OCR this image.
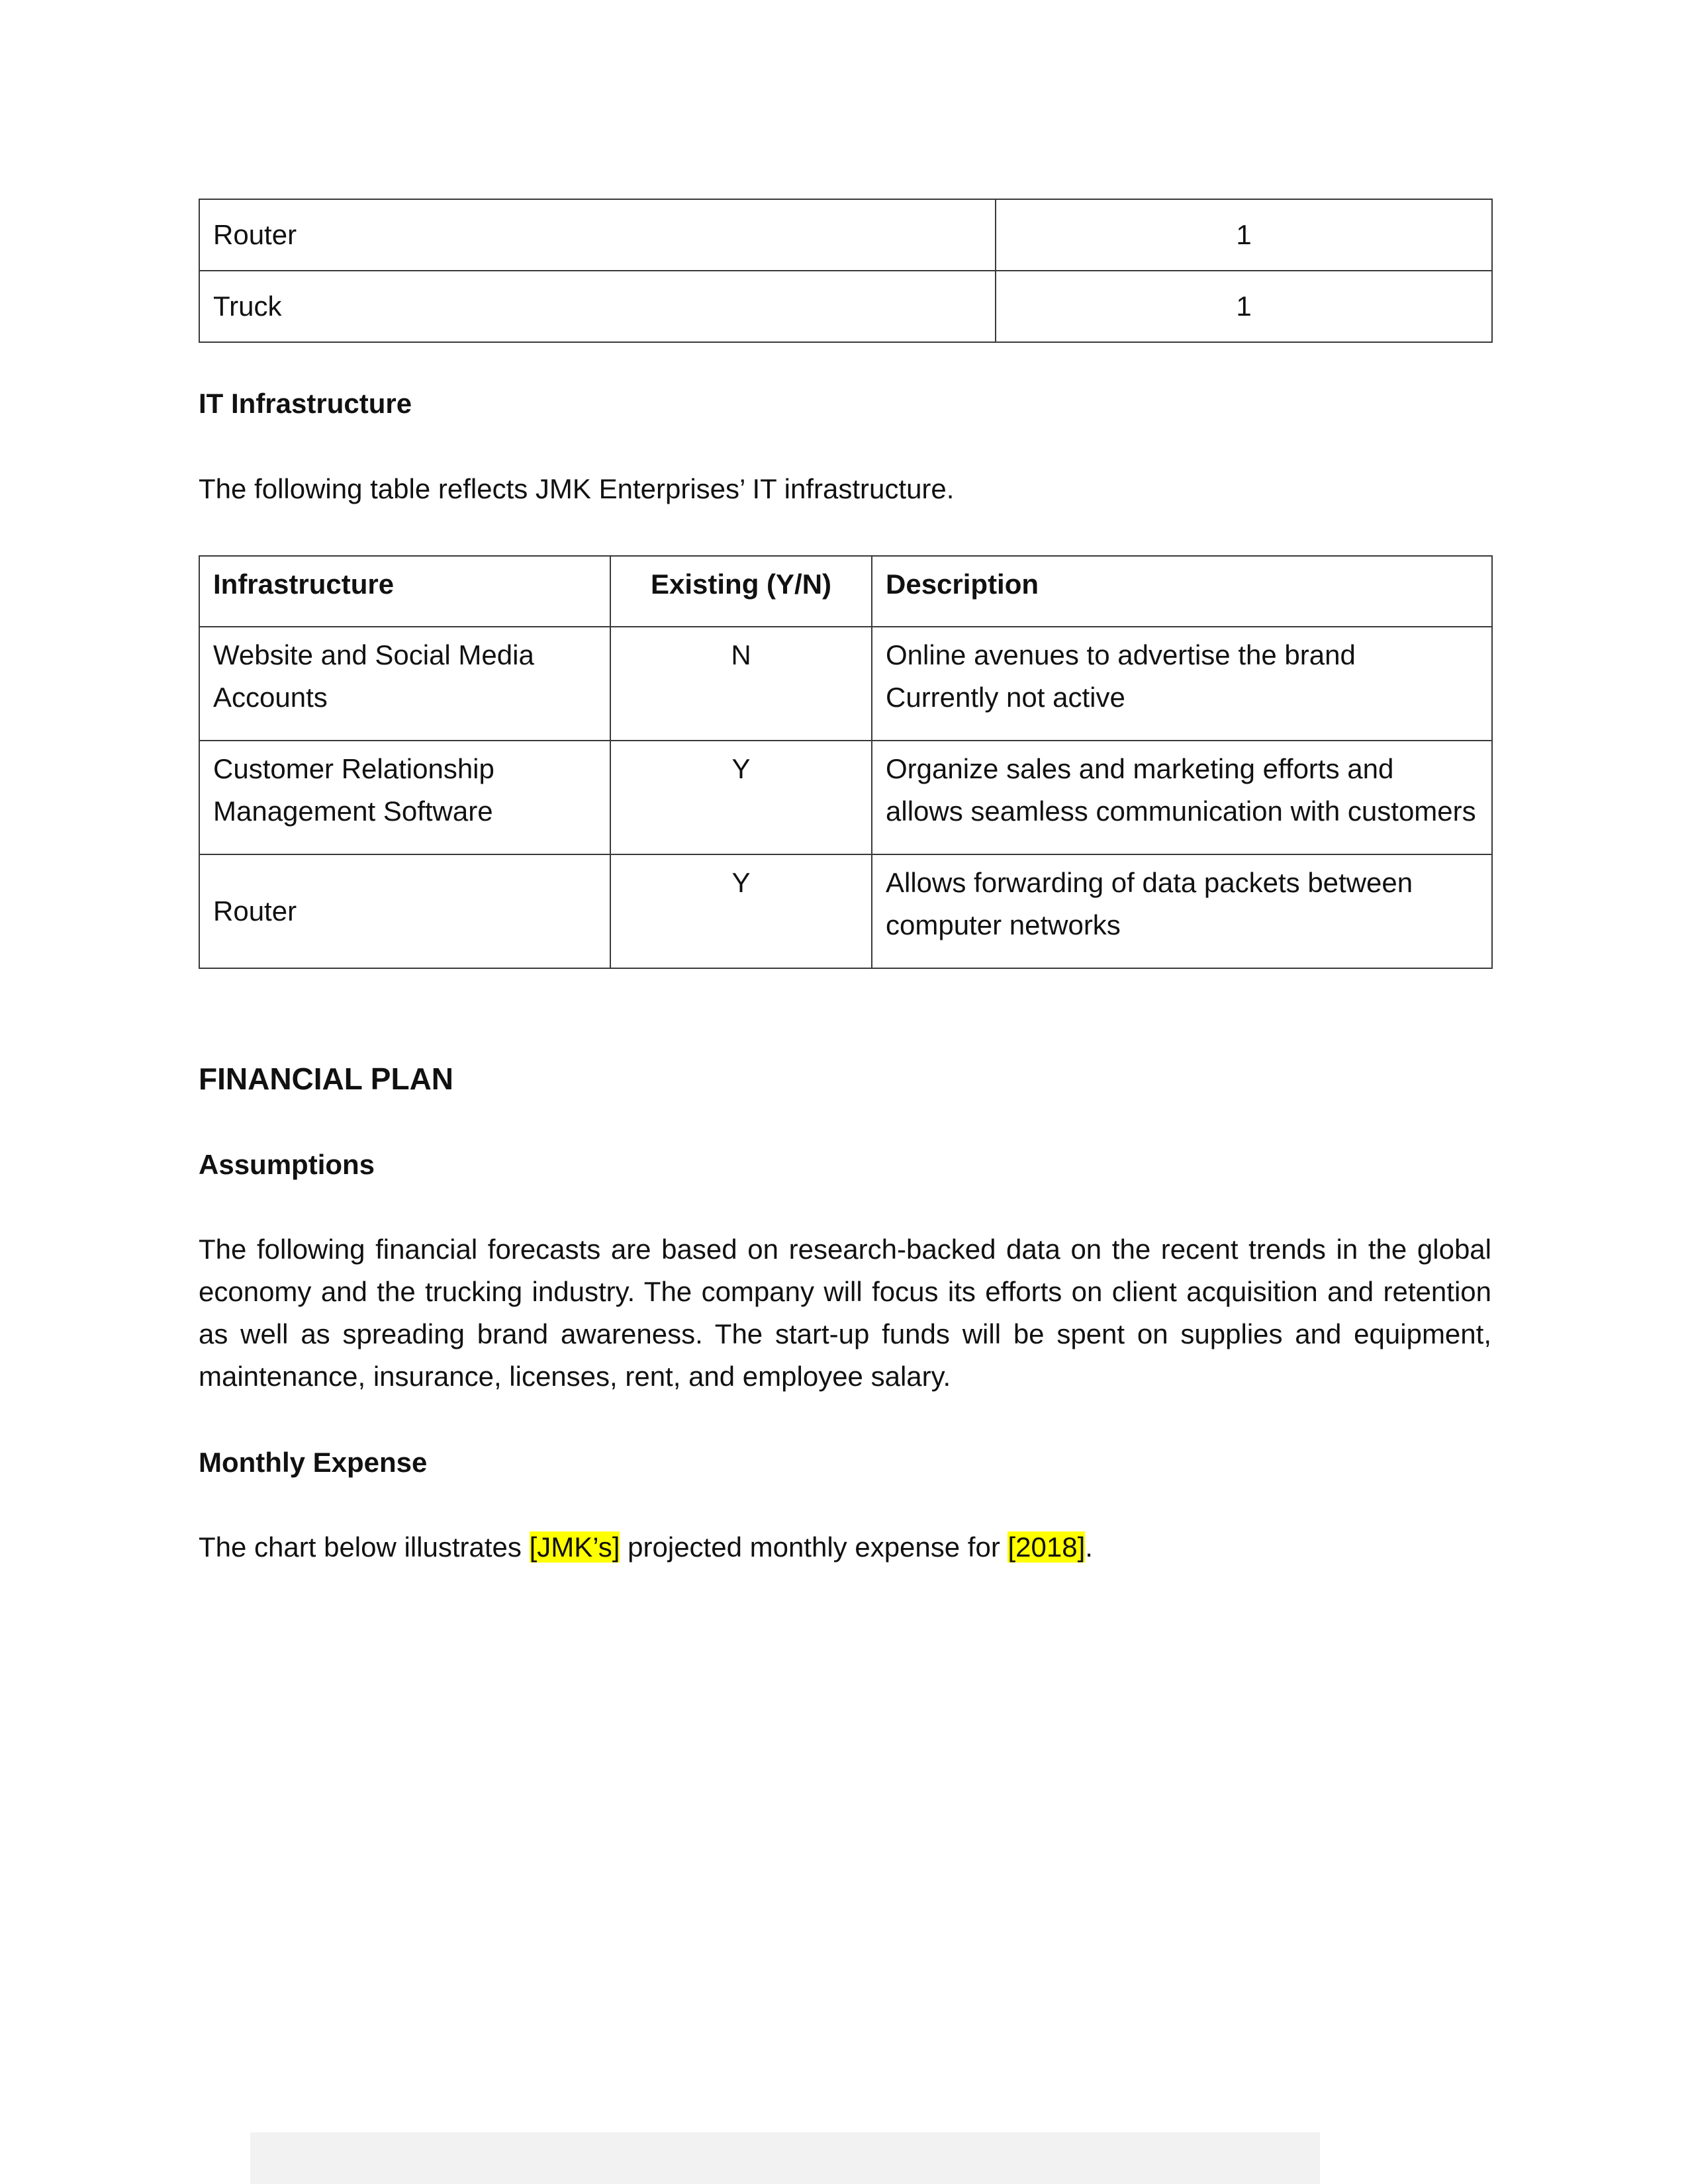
Router	1
Truck	1

IT Infrastructure

The following table reflects JMK Enterprises’ IT infrastructure.

Infrastructure	Existing (Y/N)	Description
Website and Social Media Accounts	N	Online avenues to advertise the brand
Currently not active

Customer Relationship Management Software	Y	Organize sales and marketing efforts and allows seamless communication with customers
Router	Y	Allows forwarding of data packets between computer networks

FINANCIAL PLAN

Assumptions

The following financial forecasts are based on research-backed data on the recent trends in the global economy and the trucking industry. The company will focus its efforts on client acquisition and retention as well as spreading brand awareness. The start-up funds will be spent on supplies and equipment, maintenance, insurance, licenses, rent, and employee salary.

Monthly Expense

The chart below illustrates [JMK’s] projected monthly expense for [2018].
